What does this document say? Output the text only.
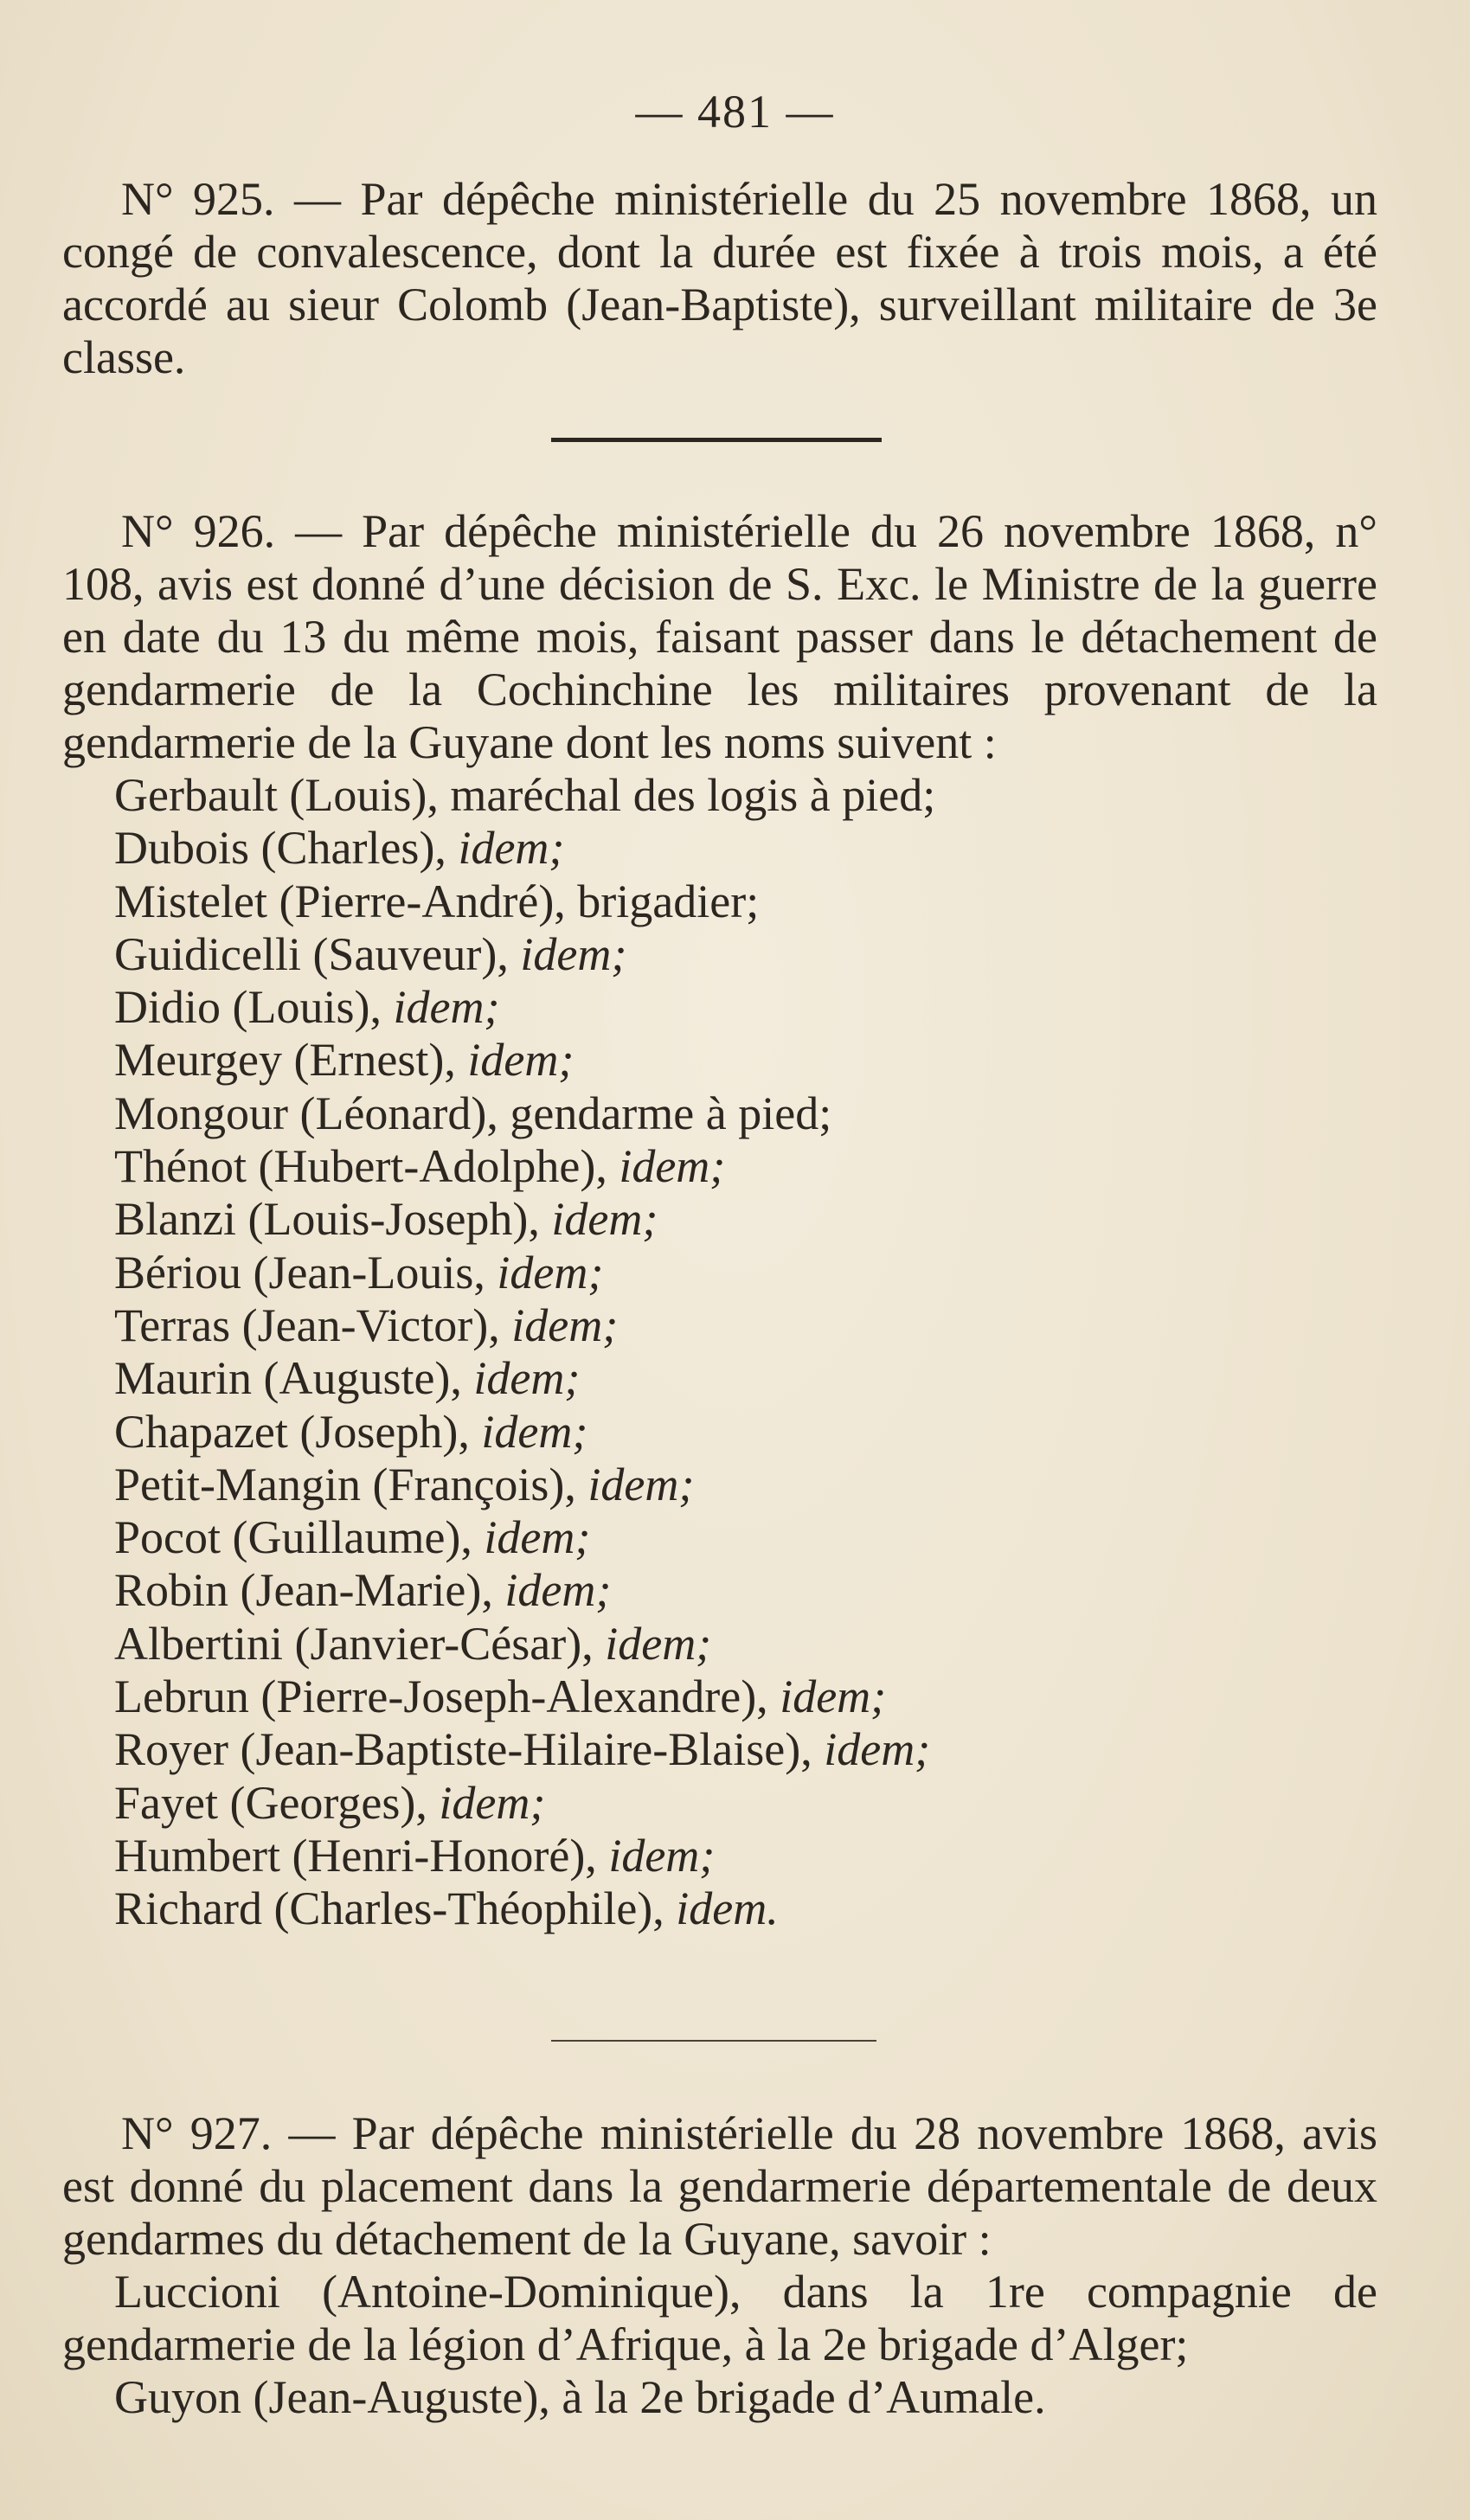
— 481 —

N° 925. — Par dépêche ministérielle du 25 novembre 1868, un congé de convalescence, dont la durée est fixée à trois mois, a été accordé au sieur Colomb (Jean-Baptiste), surveillant militaire de 3e classe.

N° 926. — Par dépêche ministérielle du 26 novembre 1868, n° 108, avis est donné d’une décision de S. Exc. le Ministre de la guerre en date du 13 du même mois, faisant passer dans le détachement de gendarmerie de la Cochinchine les militaires provenant de la gendarmerie de la Guyane dont les noms suivent :

Gerbault (Louis), maréchal des logis à pied;
Dubois (Charles), idem;
Mistelet (Pierre-André), brigadier;
Guidicelli (Sauveur), idem;
Didio (Louis), idem;
Meurgey (Ernest), idem;
Mongour (Léonard), gendarme à pied;
Thénot (Hubert-Adolphe), idem;
Blanzi (Louis-Joseph), idem;
Bériou (Jean-Louis, idem;
Terras (Jean-Victor), idem;
Maurin (Auguste), idem;
Chapazet (Joseph), idem;
Petit-Mangin (François), idem;
Pocot (Guillaume), idem;
Robin (Jean-Marie), idem;
Albertini (Janvier-César), idem;
Lebrun (Pierre-Joseph-Alexandre), idem;
Royer (Jean-Baptiste-Hilaire-Blaise), idem;
Fayet (Georges), idem;
Humbert (Henri-Honoré), idem;
Richard (Charles-Théophile), idem.

N° 927. — Par dépêche ministérielle du 28 novembre 1868, avis est donné du placement dans la gendarmerie départementale de deux gendarmes du détachement de la Guyane, savoir :

Luccioni (Antoine-Dominique), dans la 1re compagnie de gendarmerie de la légion d’Afrique, à la 2e brigade d’Alger;

Guyon (Jean-Auguste), à la 2e brigade d’Aumale.
